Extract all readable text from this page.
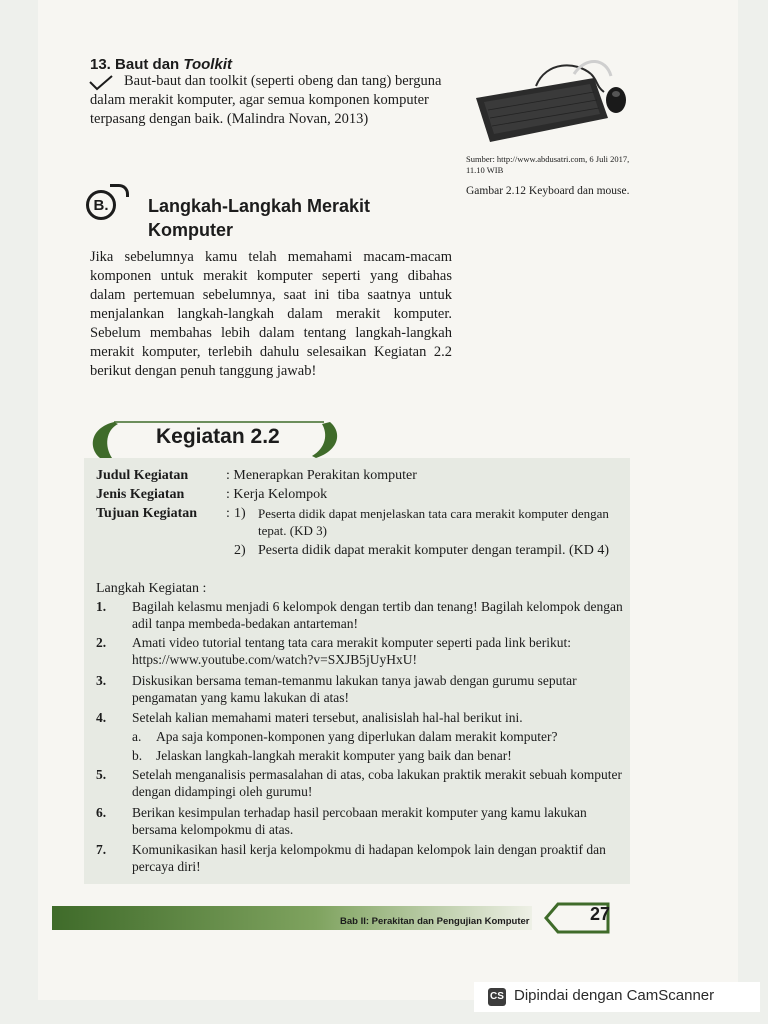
13. Baut dan Toolkit
Baut-baut dan toolkit (seperti obeng dan tang) berguna dalam merakit komputer, agar semua komponen komputer terpasang dengan baik. (Malindra Novan, 2013)
Sumber: http://www.abdusatri.com, 6 Juli 2017, 11.10 WIB
Gambar 2.12 Keyboard dan mouse.
B.	Langkah-Langkah Merakit Komputer
Jika sebelumnya kamu telah memahami macam-macam komponen untuk merakit komputer seperti yang dibahas dalam pertemuan sebelumnya, saat ini tiba saatnya untuk menjalankan langkah-langkah dalam merakit komputer. Sebelum membahas lebih dalam tentang langkah-langkah merakit komputer, terlebih dahulu selesaikan Kegiatan 2.2 berikut dengan penuh tanggung jawab!
Kegiatan 2.2
Judul Kegiatan	: Menerapkan Perakitan komputer
Jenis Kegiatan	: Kerja Kelompok
Tujuan Kegiatan : 1) Peserta didik dapat menjelaskan tata cara merakit komputer dengan tepat. (KD 3)
2) Peserta didik dapat merakit komputer dengan terampil. (KD 4)
Langkah Kegiatan :
1. Bagilah kelasmu menjadi 6 kelompok dengan tertib dan tenang! Bagilah kelompok dengan adil tanpa membeda-bedakan antarteman!
2. Amati video tutorial tentang tata cara merakit komputer seperti pada link berikut: https://www.youtube.com/watch?v=SXJB5jUyHxU!
3. Diskusikan bersama teman-temanmu lakukan tanya jawab dengan gurumu seputar pengamatan yang kamu lakukan di atas!
4. Setelah kalian memahami materi tersebut, analisislah hal-hal berikut ini.
a. Apa saja komponen-komponen yang diperlukan dalam merakit komputer?
b. Jelaskan langkah-langkah merakit komputer yang baik dan benar!
5. Setelah menganalisis permasalahan di atas, coba lakukan praktik merakit sebuah komputer dengan didampingi oleh gurumu!
6. Berikan kesimpulan terhadap hasil percobaan merakit komputer yang kamu lakukan bersama kelompokmu di atas.
7. Komunikasikan hasil kerja kelompokmu di hadapan kelompok lain dengan proaktif dan percaya diri!
Bab II: Perakitan dan Pengujian Komputer	27
CS Dipindai dengan CamScanner
